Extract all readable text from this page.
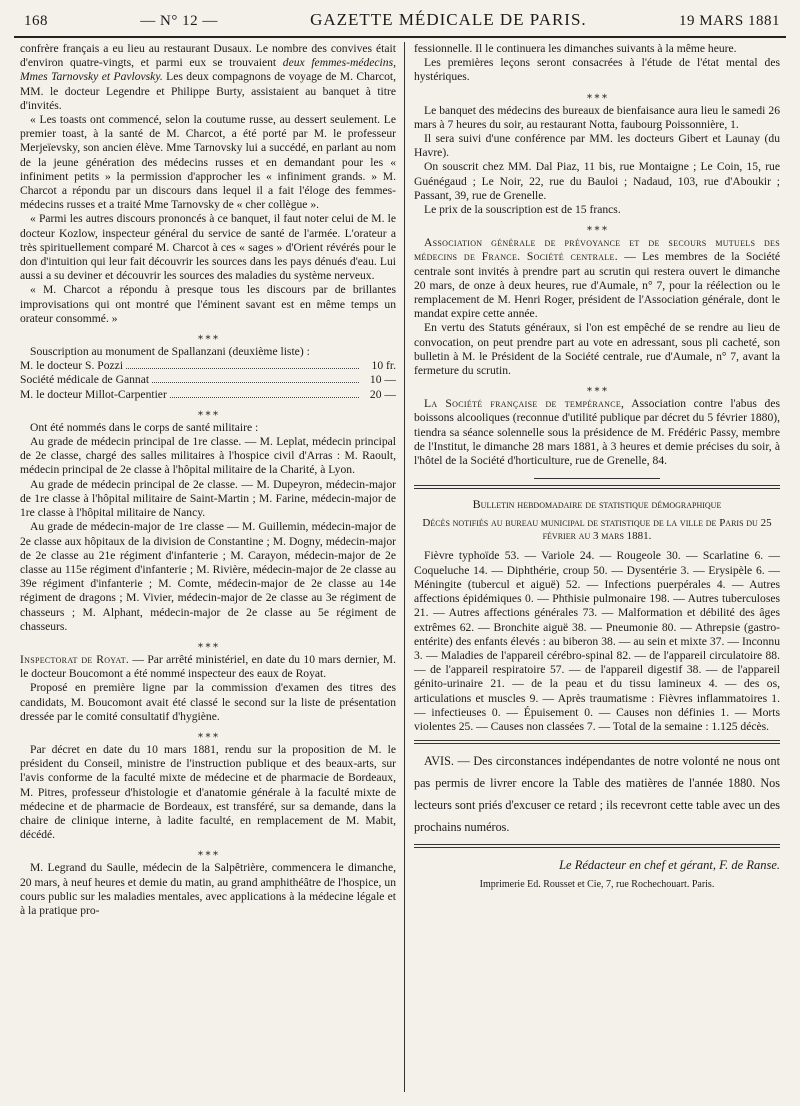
168	— N° 12 —	GAZETTE MÉDICALE DE PARIS.	19 MARS 1881

confrère français a eu lieu au restaurant Dusaux. Le nombre des convives était d'environ quatre-vingts, et parmi eux se trouvaient deux femmes-médecins, Mmes Tarnovsky et Pavlovsky. Les deux compagnons de voyage de M. Charcot, MM. le docteur Legendre et Philippe Burty, assistaient au banquet à titre d'invités.

« Les toasts ont commencé, selon la coutume russe, au dessert seulement. Le premier toast, à la santé de M. Charcot, a été porté par M. le professeur Merjeïevsky, son ancien élève. Mme Tarnovsky lui a succédé, en parlant au nom de la jeune génération des médecins russes et en demandant pour les « infiniment petits » la permission d'approcher les « infiniment grands. » M. Charcot a répondu par un discours dans lequel il a fait l'éloge des femmes-médecins russes et a traité Mme Tarnovsky de « cher collègue ».

« Parmi les autres discours prononcés à ce banquet, il faut noter celui de M. le docteur Kozlow, inspecteur général du service de santé de l'armée. L'orateur a très spirituellement comparé M. Charcot à ces « sages » d'Orient révérés pour le don d'intuition qui leur fait découvrir les sources dans les pays dénués d'eau. Lui aussi a su deviner et découvrir les sources des maladies du système nerveux.

« M. Charcot a répondu à presque tous les discours par de brillantes improvisations qui ont montré que l'éminent savant est en même temps un orateur consommé. »

⁎ ⁎ ⁎

Souscription au monument de Spallanzani (deuxième liste) :

M. le docteur S. Pozzi	10 fr.
Société médicale de Gannat	10 —
M. le docteur Millot-Carpentier	20 —
⁎ ⁎ ⁎

Ont été nommés dans le corps de santé militaire :

Au grade de médecin principal de 1re classe. — M. Leplat, médecin principal de 2e classe, chargé des salles militaires à l'hospice civil d'Arras : M. Raoult, médecin principal de 2e classe à l'hôpital militaire de la Charité, à Lyon.

Au grade de médecin principal de 2e classe. — M. Dupeyron, médecin-major de 1re classe à l'hôpital militaire de Saint-Martin ; M. Farine, médecin-major de 1re classe à l'hôpital militaire de Nancy.

Au grade de médecin-major de 1re classe — M. Guillemin, médecin-major de 2e classe aux hôpitaux de la division de Constantine ; M. Dogny, médecin-major de 2e classe au 21e régiment d'infanterie ; M. Carayon, médecin-major de 2e classe au 115e régiment d'infanterie ; M. Rivière, médecin-major de 2e classe au 39e régiment d'infanterie ; M. Comte, médecin-major de 2e classe au 14e régiment de dragons ; M. Vivier, médecin-major de 2e classe au 3e régiment de chasseurs ; M. Alphant, médecin-major de 2e classe au 5e régiment de chasseurs.

⁎ ⁎ ⁎

Inspectorat de Royat. — Par arrêté ministériel, en date du 10 mars dernier, M. le docteur Boucomont a été nommé inspecteur des eaux de Royat.

Proposé en première ligne par la commission d'examen des titres des candidats, M. Boucomont avait été classé le second sur la liste de présentation dressée par le comité consultatif d'hygiène.

⁎ ⁎ ⁎

Par décret en date du 10 mars 1881, rendu sur la proposition de M. le président du Conseil, ministre de l'instruction publique et des beaux-arts, sur l'avis conforme de la faculté mixte de médecine et de pharmacie de Bordeaux, M. Pitres, professeur d'histologie et d'anatomie générale à la faculté mixte de médecine et de pharmacie de Bordeaux, est transféré, sur sa demande, dans la chaire de clinique interne, à ladite faculté, en remplacement de M. Mabit, décédé.

⁎ ⁎ ⁎

M. Legrand du Saulle, médecin de la Salpêtrière, commencera le dimanche, 20 mars, à neuf heures et demie du matin, au grand amphithéâtre de l'hospice, un cours public sur les maladies mentales, avec applications à la médecine légale et à la pratique pro-

fessionnelle. Il le continuera les dimanches suivants à la même heure.

Les premières leçons seront consacrées à l'étude de l'état mental des hystériques.

⁎ ⁎ ⁎

Le banquet des médecins des bureaux de bienfaisance aura lieu le samedi 26 mars à 7 heures du soir, au restaurant Notta, faubourg Poissonnière, 1.

Il sera suivi d'une conférence par MM. les docteurs Gibert et Launay (du Havre).

On souscrit chez MM. Dal Piaz, 11 bis, rue Montaigne ; Le Coin, 15, rue Guénégaud ; Le Noir, 22, rue du Bauloi ; Nadaud, 103, rue d'Aboukir ; Passant, 39, rue de Grenelle.

Le prix de la souscription est de 15 francs.

⁎ ⁎ ⁎

Association générale de prévoyance et de secours mutuels des médecins de France. Société centrale. — Les membres de la Société centrale sont invités à prendre part au scrutin qui restera ouvert le dimanche 20 mars, de onze à deux heures, rue d'Aumale, n° 7, pour la réélection ou le remplacement de M. Henri Roger, président de l'Association générale, dont le mandat expire cette année.

En vertu des Statuts généraux, si l'on est empêché de se rendre au lieu de convocation, on peut prendre part au vote en adressant, sous pli cacheté, son bulletin à M. le Président de la Société centrale, rue d'Aumale, n° 7, avant la fermeture du scrutin.

⁎ ⁎ ⁎

La Société française de tempérance, Association contre l'abus des boissons alcooliques (reconnue d'utilité publique par décret du 5 février 1880), tiendra sa séance solennelle sous la présidence de M. Frédéric Passy, membre de l'Institut, le dimanche 28 mars 1881, à 3 heures et demie précises du soir, à l'hôtel de la Société d'horticulture, rue de Grenelle, 84.

Bulletin hebdomadaire de statistique démographique
Décès notifiés au bureau municipal de statistique de la ville de Paris du 25 février au 3 mars 1881.

Fièvre typhoïde 53. — Variole 24. — Rougeole 30. — Scarlatine 6. — Coqueluche 14. — Diphthérie, croup 50. — Dysentérie 3. — Erysipèle 6. — Méningite (tubercul et aiguë) 52. — Infections puerpérales 4. — Autres affections épidémiques 0. — Phthisie pulmonaire 198. — Autres tuberculoses 21. — Autres affections générales 73. — Malformation et débilité des âges extrêmes 62. — Bronchite aiguë 38. — Pneumonie 80. — Athrepsie (gastro-entérite) des enfants élevés : au biberon 38. — au sein et mixte 37. — Inconnu 3. — Maladies de l'appareil cérébro-spinal 82. — de l'appareil circulatoire 88. — de l'appareil respiratoire 57. — de l'appareil digestif 38. — de l'appareil génito-urinaire 21. — de la peau et du tissu lamineux 4. — des os, articulations et muscles 9. — Après traumatisme : Fièvres inflammatoires 1. — infectieuses 0. — Épuisement 0. — Causes non définies 1. — Morts violentes 25. — Causes non classées 7. — Total de la semaine : 1.125 décès.

AVIS. — Des circonstances indépendantes de notre volonté ne nous ont pas permis de livrer encore la Table des matières de l'année 1880. Nos lecteurs sont priés d'excuser ce retard ; ils recevront cette table avec un des prochains numéros.

Le Rédacteur en chef et gérant, F. de Ranse.
Imprimerie Ed. Rousset et Cie, 7, rue Rochechouart. Paris.
